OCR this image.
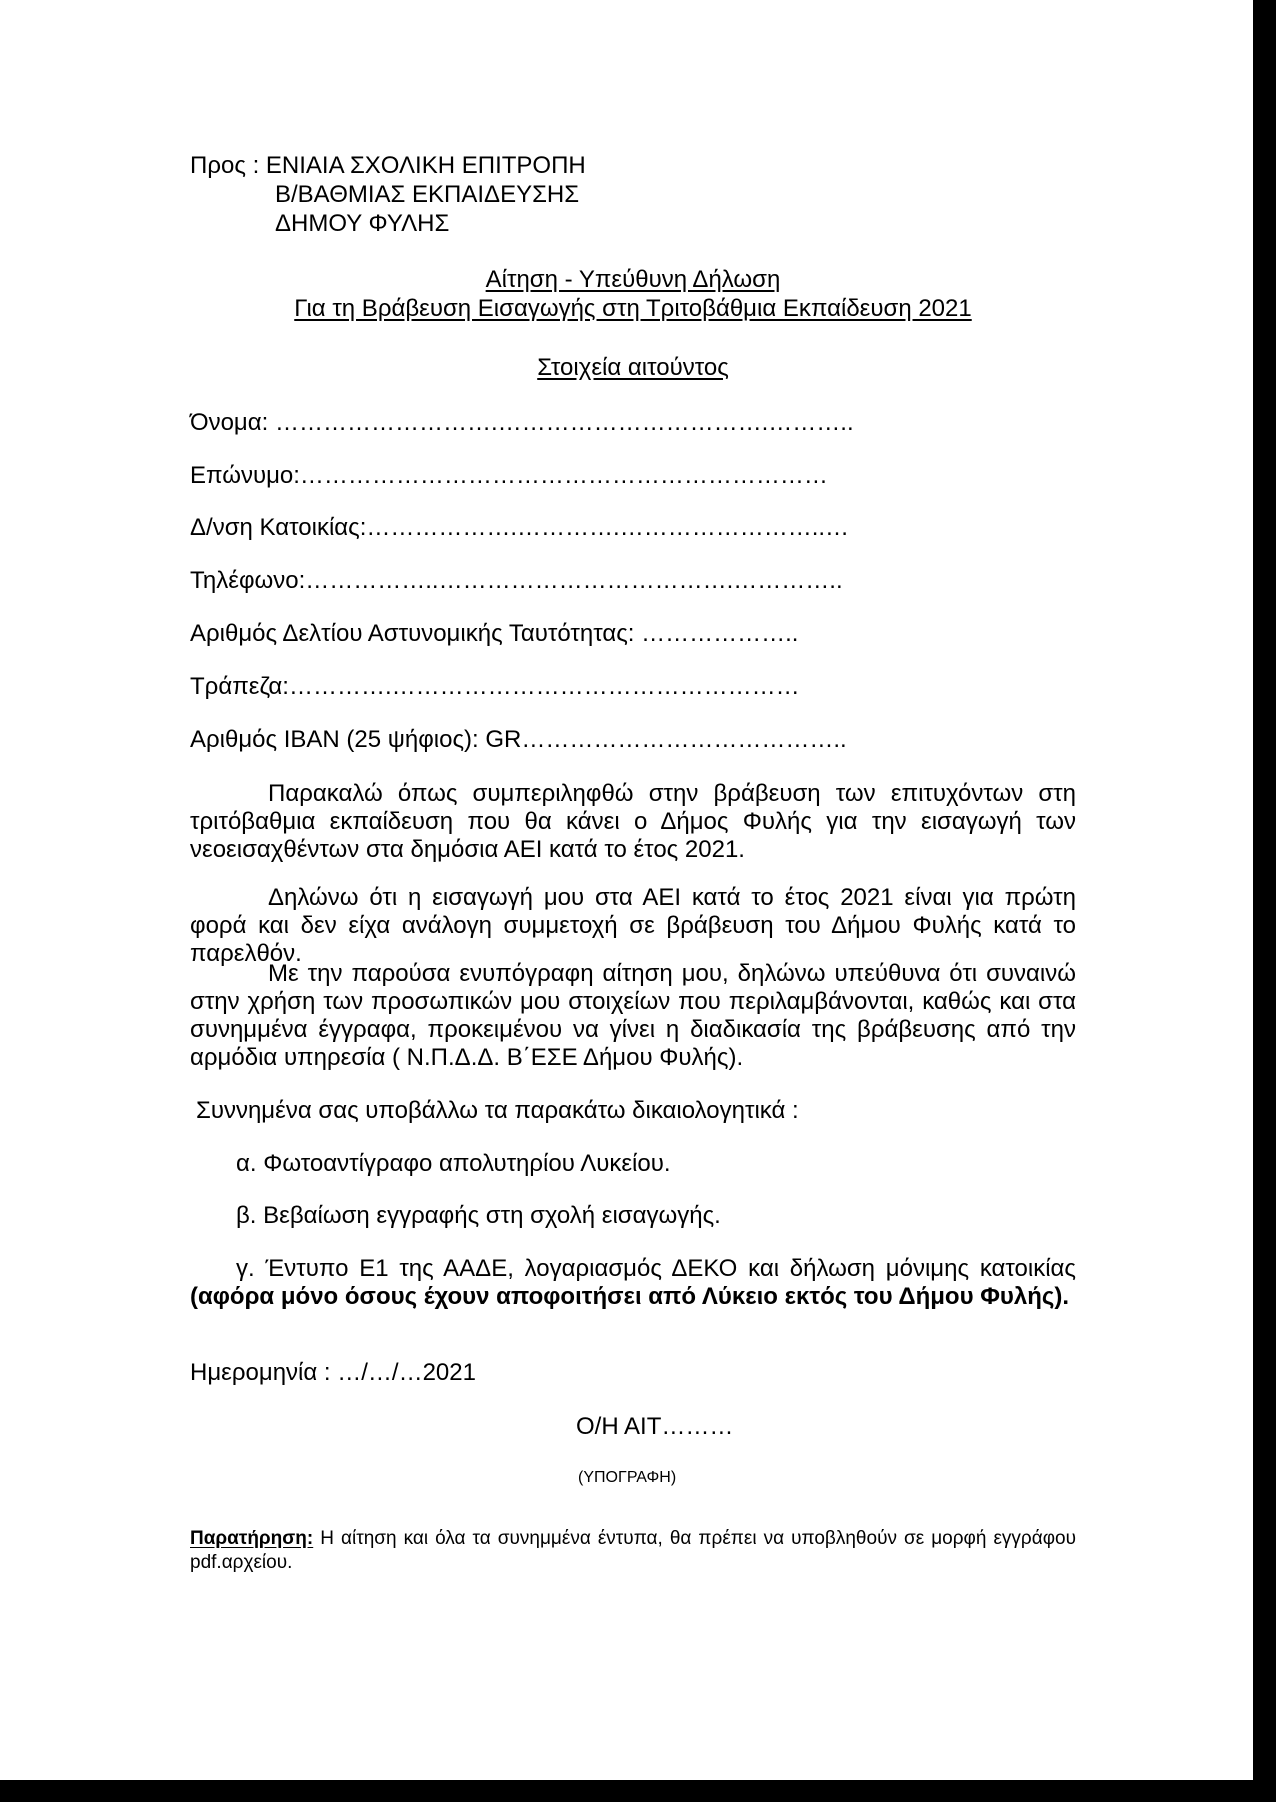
Προς : ΕΝΙΑΙΑ ΣΧΟΛΙΚΗ ΕΠΙΤΡΟΠΗ
Β/ΒΑΘΜΙΑΣ ΕΚΠΑΙΔΕΥΣΗΣ
ΔΗΜΟΥ ΦΥΛΗΣ
Αίτηση - Υπεύθυνη Δήλωση
Για τη Βράβευση Εισαγωγής στη Τριτοβάθμια Εκπαίδευση 2021
Στοιχεία αιτούντος
Όνομα: ……………………….…………………………….………..
Επώνυμο:…………………………………………………………
Δ/νση Κατοικίας:……………….………….……………………..…
Τηλέφωνο:……………..……………………………….…………..
Αριθμός Δελτίου Αστυνομικής Ταυτότητας: ………………..
Τράπεζα:………….……………………………………………
Αριθμός IBAN (25 ψήφιος): GR…………………………………..
Παρακαλώ όπως συμπεριληφθώ στην βράβευση των επιτυχόντων στη τριτόβαθμια εκπαίδευση που θα κάνει ο Δήμος Φυλής για την εισαγωγή των νεοεισαχθέντων στα δημόσια ΑΕΙ κατά το έτος 2021.
Δηλώνω ότι η εισαγωγή μου στα ΑΕΙ κατά το έτος 2021 είναι για πρώτη φορά και δεν είχα ανάλογη συμμετοχή σε βράβευση του Δήμου Φυλής κατά το παρελθόν.
Με την παρούσα ενυπόγραφη αίτηση μου, δηλώνω υπεύθυνα ότι συναινώ στην χρήση των προσωπικών μου στοιχείων που περιλαμβάνονται, καθώς και στα συνημμένα έγγραφα, προκειμένου να γίνει η διαδικασία της βράβευσης από την αρμόδια υπηρεσία ( Ν.Π.Δ.Δ. Β΄ΕΣΕ Δήμου Φυλής).
Συννημένα σας υποβάλλω τα παρακάτω δικαιολογητικά :
α. Φωτοαντίγραφο απολυτηρίου Λυκείου.
β. Βεβαίωση εγγραφής στη σχολή εισαγωγής.
γ. Έντυπο Ε1 της ΑΑΔΕ, λογαριασμός ΔΕΚΟ και δήλωση μόνιμης κατοικίας
(αφόρα μόνο όσους έχουν αποφοιτήσει από Λύκειο εκτός του Δήμου Φυλής).
Ημερομηνία : …/…/…2021
Ο/Η ΑΙΤ………
(ΥΠΟΓΡΑΦΗ)
Παρατήρηση: Η αίτηση και όλα τα συνημμένα έντυπα, θα πρέπει να υποβληθούν σε μορφή εγγράφου pdf.αρχείου.
